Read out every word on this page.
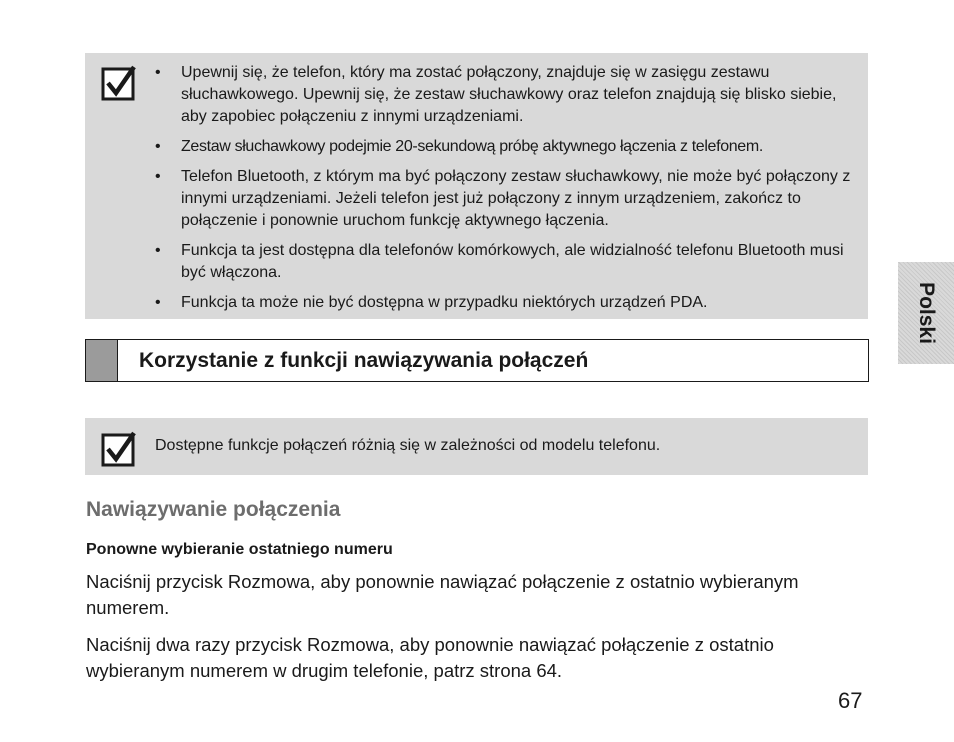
• Upewnij się, że telefon, który ma zostać połączony, znajduje się w zasięgu zestawu słuchawkowego. Upewnij się, że zestaw słuchawkowy oraz telefon znajdują się blisko siebie, aby zapobiec połączeniu z innymi urządzeniami.
• Zestaw słuchawkowy podejmie 20-sekundową próbę aktywnego łączenia z telefonem.
• Telefon Bluetooth, z którym ma być połączony zestaw słuchawkowy, nie może być połączony z innymi urządzeniami. Jeżeli telefon jest już połączony z innym urządzeniem, zakończ to połączenie i ponownie uruchom funkcję aktywnego łączenia.
• Funkcja ta jest dostępna dla telefonów komórkowych, ale widzialność telefonu Bluetooth musi być włączona.
• Funkcja ta może nie być dostępna w przypadku niektórych urządzeń PDA.
Korzystanie z funkcji nawiązywania połączeń
Dostępne funkcje połączeń różnią się w zależności od modelu telefonu.
Nawiązywanie połączenia
Ponowne wybieranie ostatniego numeru
Naciśnij przycisk Rozmowa, aby ponownie nawiązać połączenie z ostatnio wybieranym numerem.
Naciśnij dwa razy przycisk Rozmowa, aby ponownie nawiązać połączenie z ostatnio wybieranym numerem w drugim telefonie, patrz strona 64.
67
Polski
